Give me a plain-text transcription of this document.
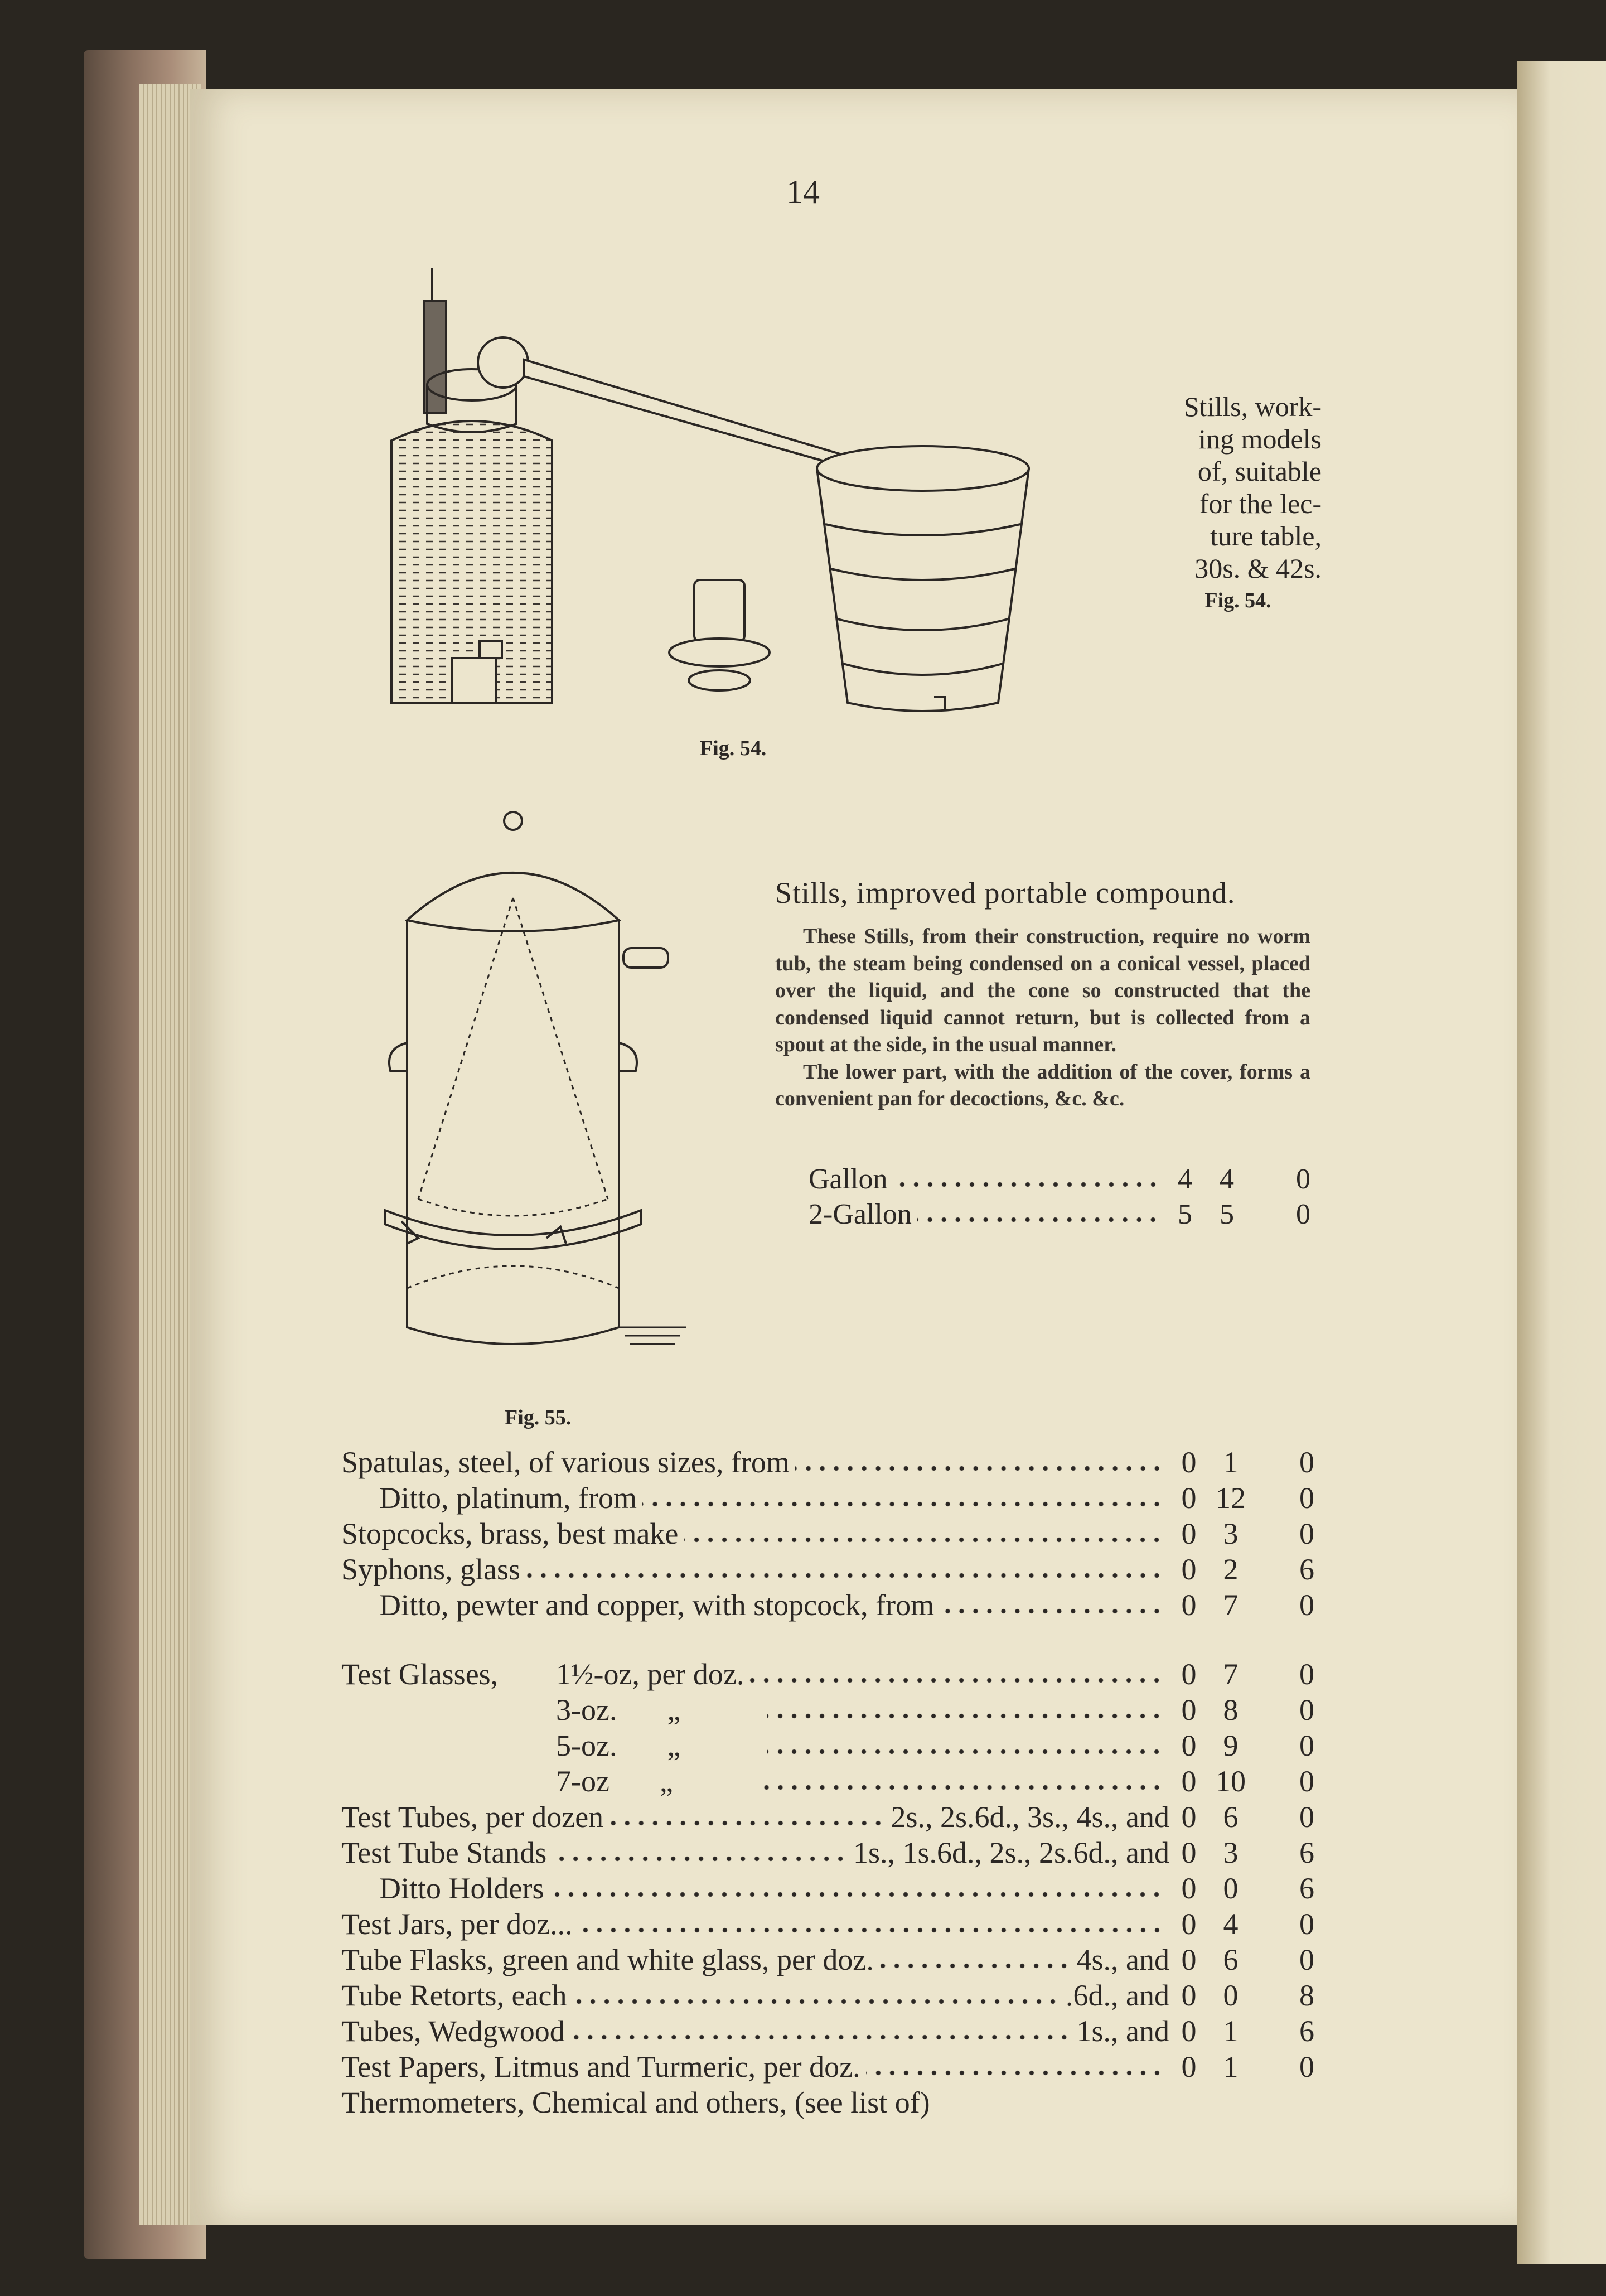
14
Stills, work-
ing models
of, suitable
for the lec-
ture table,
30s. & 42s.
Fig. 54.
Fig. 54.
Fig. 55.
Stills, improved portable compound.

These Stills, from their construction, require no worm tub, the steam being condensed on a conical vessel, placed over the liquid, and the cone so constructed that the condensed liquid cannot return, but is collected from a spout at the side, in the usual manner.

The lower part, with the addition of the cover, forms a convenient pan for decoctions, &c. &c.

Gallon	4 4	0
2-Gallon	5 5	0
Spatulas, steel, of various sizes, from	0 1	0
Ditto, platinum, from	0 12	0
Stopcocks, brass, best make	0 3	0
Syphons, glass	0 2	6
Ditto, pewter and copper, with stopcock, from	0 7	0
Test Glasses,	1½-oz, per doz.	0 7	0
3-oz.	„	0 8	0
5-oz.	„	0 9	0
7-oz	„	0 10	0
Test Tubes, per dozen	2s., 2s.6d., 3s., 4s., and 0 6	0
Test Tube Stands	1s., 1s.6d., 2s., 2s.6d., and 0 3	6
Ditto Holders	0 0	6
Test Jars, per doz...	0 4	0
Tube Flasks, green and white glass, per doz.	4s., and 0 6	0
Tube Retorts, each	.6d., and 0 0	8
Tubes, Wedgwood	1s., and 0 1	6
Test Papers, Litmus and Turmeric, per doz.	0 1	0
Thermometers, Chemical and others, (see list of)
